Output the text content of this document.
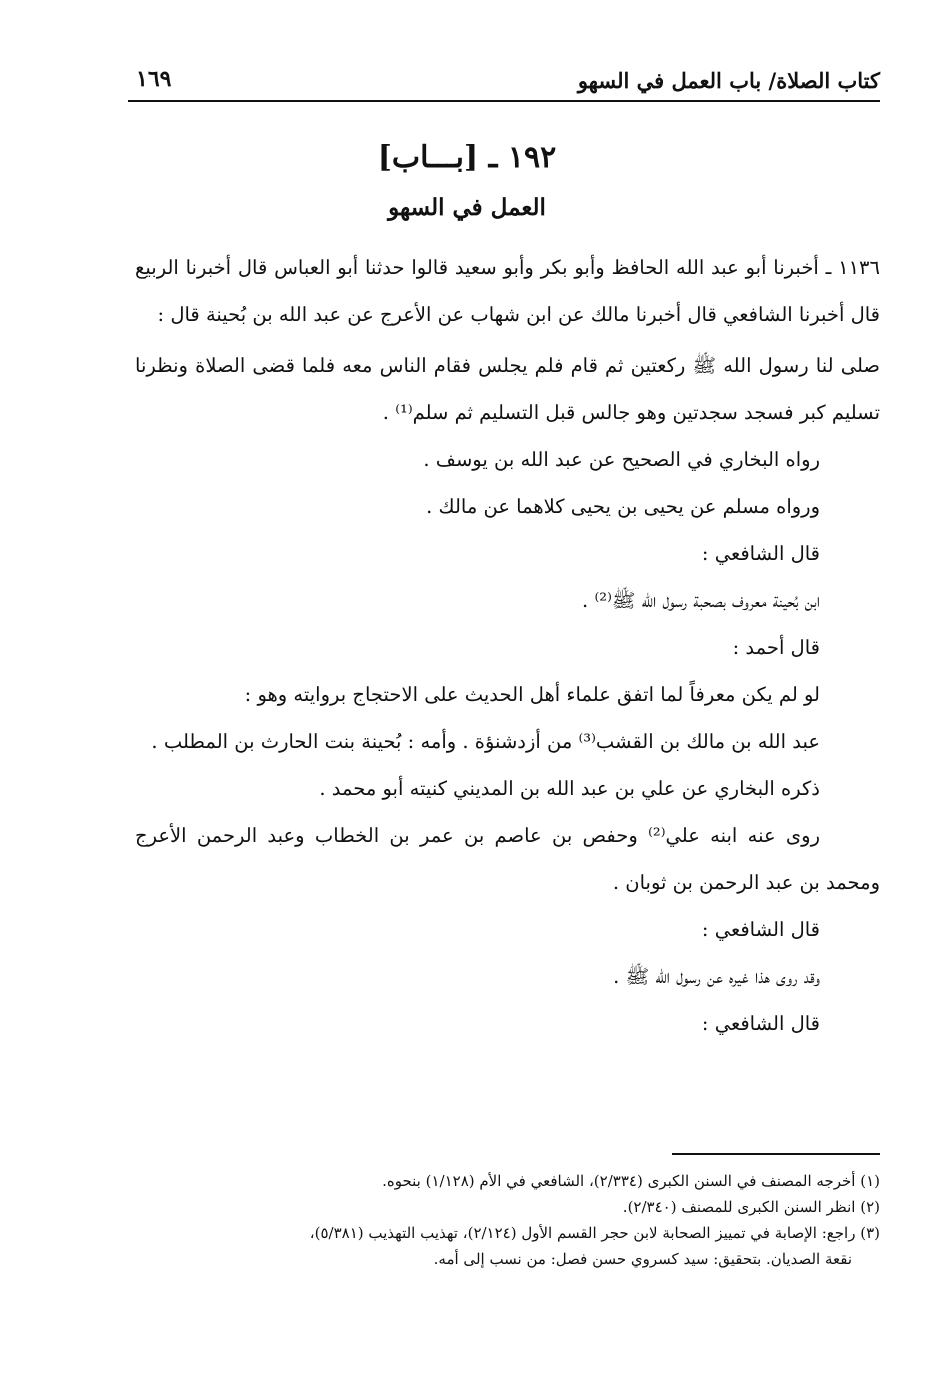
كتاب الصلاة/ باب العمل في السهو
١٦٩
١٩٢ ـ [بـــاب]
العمل في السهو

١١٣٦ ـ أخبرنا أبو عبد الله الحافظ وأبو بكر وأبو سعيد قالوا حدثنا أبو العباس قال أخبرنا الربيع قال أخبرنا الشافعي قال أخبرنا مالك عن ابن شهاب عن الأعرج عن عبد الله بن بُحينة قال :

صلى لنا رسول الله ﷺ ركعتين ثم قام فلم يجلس فقام الناس معه فلما قضى الصلاة ونظرنا تسليم كبر فسجد سجدتين وهو جالس قبل التسليم ثم سلم⁽¹⁾ .

رواه البخاري في الصحيح عن عبد الله بن يوسف .

ورواه مسلم عن يحيى بن يحيى كلاهما عن مالك .

قال الشافعي :

ابن بُحينة معروف بصحبة رسول الله ﷺ⁽²⁾ .

قال أحمد :

لو لم يكن معرفاً لما اتفق علماء أهل الحديث على الاحتجاج بروايته وهو :

عبد الله بن مالك بن القشب⁽³⁾ من أزدشنؤة . وأمه : بُحينة بنت الحارث بن المطلب .

ذكره البخاري عن علي بن عبد الله بن المديني كنيته أبو محمد .

روى عنه ابنه علي⁽²⁾ وحفص بن عاصم بن عمر بن الخطاب وعبد الرحمن الأعرج ومحمد بن عبد الرحمن بن ثوبان .

قال الشافعي :

وقد روى هذا غيره عن رسول الله ﷺ .

قال الشافعي :

(١) أخرجه المصنف في السنن الكبرى (٢/٣٣٤)، الشافعي في الأم (١/١٢٨) بنحوه.

(٢) انظر السنن الكبرى للمصنف (٢/٣٤٠).

(٣) راجع: الإصابة في تمييز الصحابة لابن حجر القسم الأول (٢/١٢٤)، تهذيب التهذيب (٥/٣٨١)،

نقعة الصديان. بتحقيق: سيد كسروي حسن فصل: من نسب إلى أمه.
